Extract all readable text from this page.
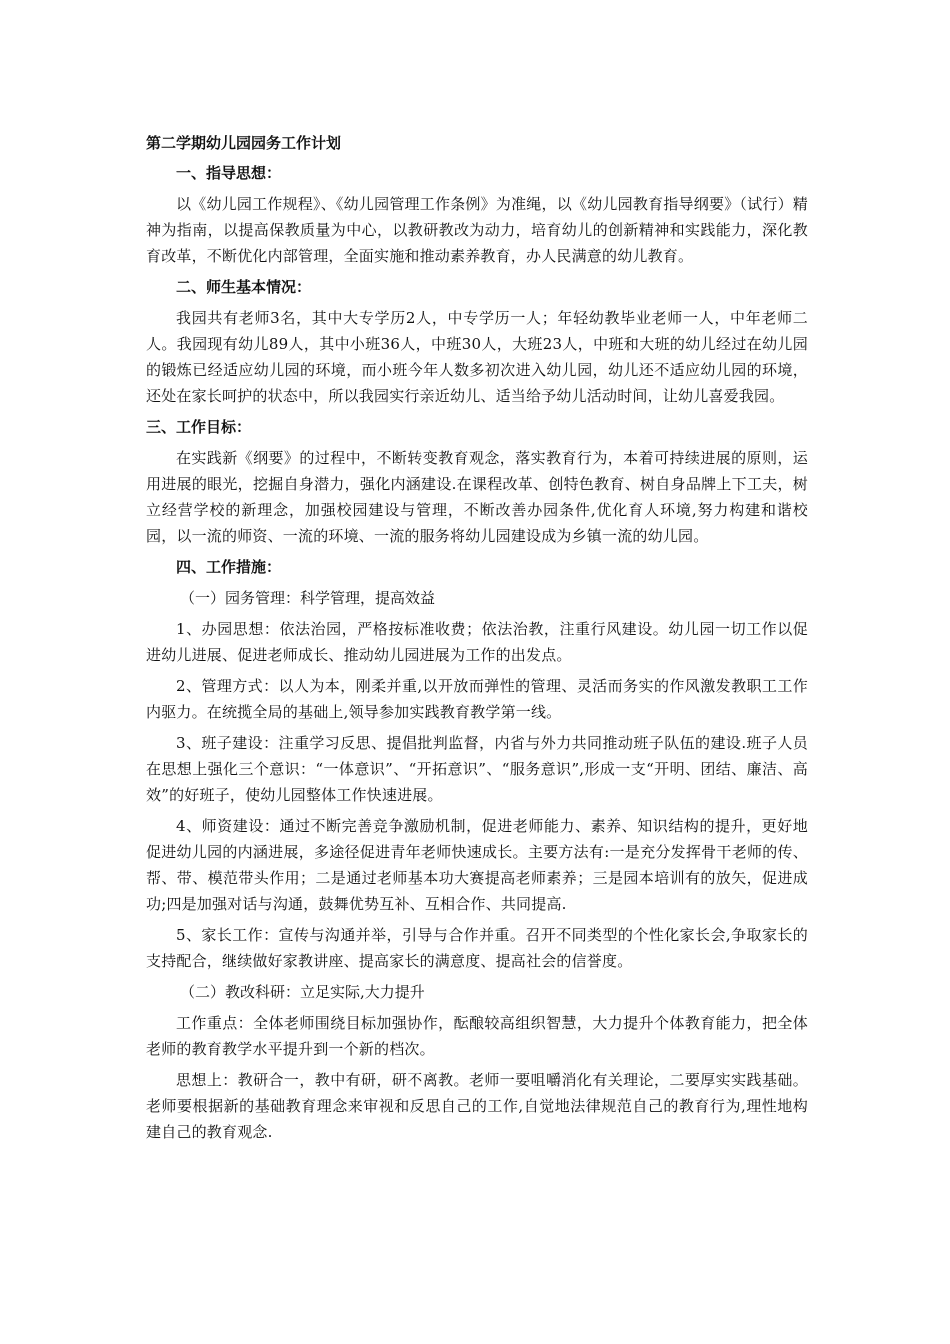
第二学期幼儿园园务工作计划
一、指导思想：
以《幼儿园工作规程》、《幼儿园管理工作条例》为准绳，以《幼儿园教育指导纲要》（试行）精神为指南，以提高保教质量为中心，以教研教改为动力，培育幼儿的创新精神和实践能力，深化教育改革，不断优化内部管理，全面实施和推动素养教育，办人民满意的幼儿教育。
二、师生基本情况：
我园共有老师3名，其中大专学历2人，中专学历一人；年轻幼教毕业老师一人，中年老师二人。我园现有幼儿89人，其中小班36人，中班30人，大班23人，中班和大班的幼儿经过在幼儿园的锻炼已经适应幼儿园的环境，而小班今年人数多初次进入幼儿园，幼儿还不适应幼儿园的环境，还处在家长呵护的状态中，所以我园实行亲近幼儿、适当给予幼儿活动时间，让幼儿喜爱我园。
三、工作目标：
在实践新《纲要》的过程中，不断转变教育观念，落实教育行为，本着可持续进展的原则，运用进展的眼光，挖掘自身潜力，强化内涵建设.在课程改革、创特色教育、树自身品牌上下工夫，树立经营学校的新理念，加强校园建设与管理，不断改善办园条件,优化育人环境,努力构建和谐校园，以一流的师资、一流的环境、一流的服务将幼儿园建设成为乡镇一流的幼儿园。
四、工作措施：
（一）园务管理：科学管理，提高效益
1、办园思想：依法治园，严格按标准收费；依法治教，注重行风建设。幼儿园一切工作以促进幼儿进展、促进老师成长、推动幼儿园进展为工作的出发点。
2、管理方式：以人为本，刚柔并重,以开放而弹性的管理、灵活而务实的作风激发教职工工作内驱力。在统揽全局的基础上,领导参加实践教育教学第一线。
3、班子建设：注重学习反思、提倡批判监督，内省与外力共同推动班子队伍的建设.班子人员在思想上强化三个意识：“一体意识”、“开拓意识”、“服务意识”,形成一支“开明、团结、廉洁、高效”的好班子，使幼儿园整体工作快速进展。
4、师资建设：通过不断完善竞争激励机制，促进老师能力、素养、知识结构的提升，更好地促进幼儿园的内涵进展，多途径促进青年老师快速成长。主要方法有:一是充分发挥骨干老师的传、帮、带、模范带头作用；二是通过老师基本功大赛提高老师素养；三是园本培训有的放矢，促进成功;四是加强对话与沟通，鼓舞优势互补、互相合作、共同提高.
5、家长工作：宣传与沟通并举，引导与合作并重。召开不同类型的个性化家长会,争取家长的支持配合，继续做好家教讲座、提高家长的满意度、提高社会的信誉度。
（二）教改科研：立足实际,大力提升
工作重点：全体老师围绕目标加强协作，酝酿较高组织智慧，大力提升个体教育能力，把全体老师的教育教学水平提升到一个新的档次。
思想上：教研合一，教中有研，研不离教。老师一要咀嚼消化有关理论，二要厚实实践基础。老师要根据新的基础教育理念来审视和反思自己的工作,自觉地法律规范自己的教育行为,理性地构建自己的教育观念.
